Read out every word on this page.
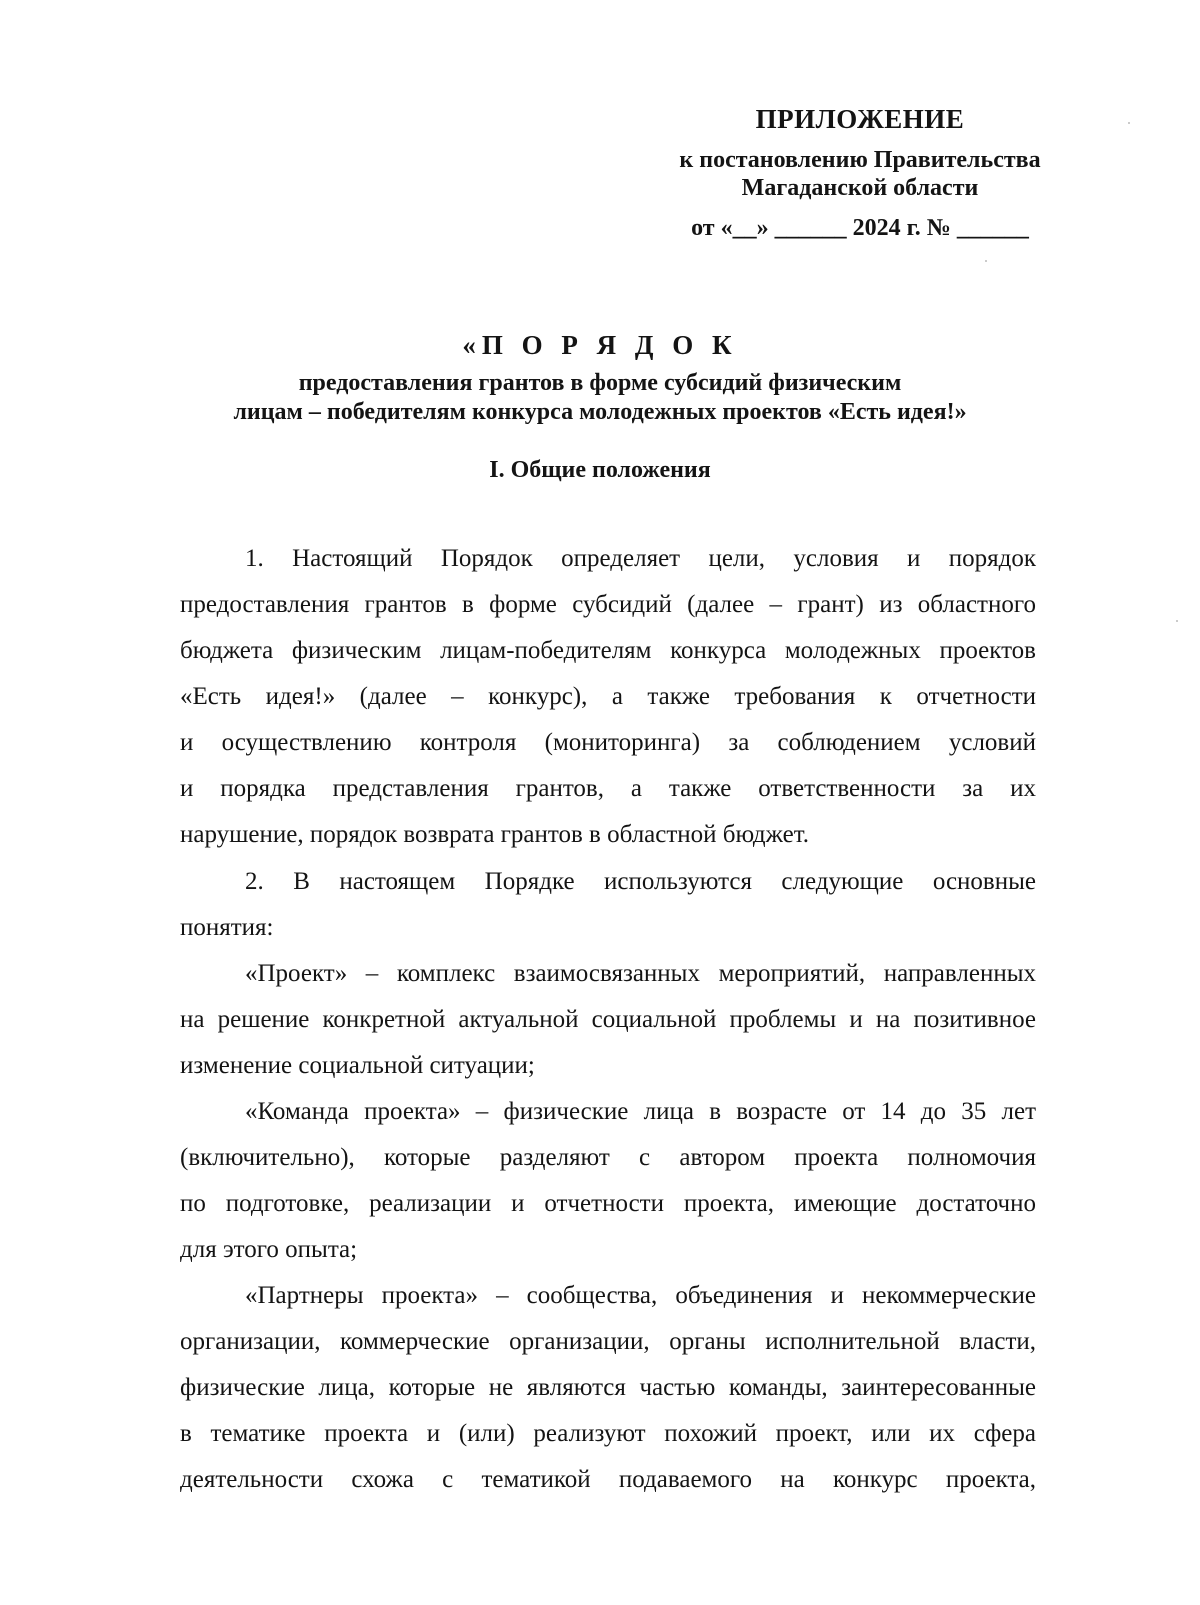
ПРИЛОЖЕНИЕ
к постановлению Правительства
Магаданской области
от «__» ______ 2024 г. № ______
«П О Р Я Д О К
предоставления грантов в форме субсидий физическим
лицам – победителям конкурса молодежных проектов «Есть идея!»
I. Общие положения
1. Настоящий Порядок определяет цели, условия и порядок
предоставления грантов в форме субсидий (далее – грант) из областного
бюджета физическим лицам-победителям конкурса молодежных проектов
«Есть идея!» (далее – конкурс), а также требования к отчетности
и осуществлению контроля (мониторинга) за соблюдением условий
и порядка представления грантов, а также ответственности за их
нарушение, порядок возврата грантов в областной бюджет.
2. В настоящем Порядке используются следующие основные
понятия:
«Проект» – комплекс взаимосвязанных мероприятий, направленных
на решение конкретной актуальной социальной проблемы и на позитивное
изменение социальной ситуации;
«Команда проекта» – физические лица в возрасте от 14 до 35 лет
(включительно), которые разделяют с автором проекта полномочия
по подготовке, реализации и отчетности проекта, имеющие достаточно
для этого опыта;
«Партнеры проекта» – сообщества, объединения и некоммерческие
организации, коммерческие организации, органы исполнительной власти,
физические лица, которые не являются частью команды, заинтересованные
в тематике проекта и (или) реализуют похожий проект, или их сфера
деятельности схожа с тематикой подаваемого на конкурс проекта,
